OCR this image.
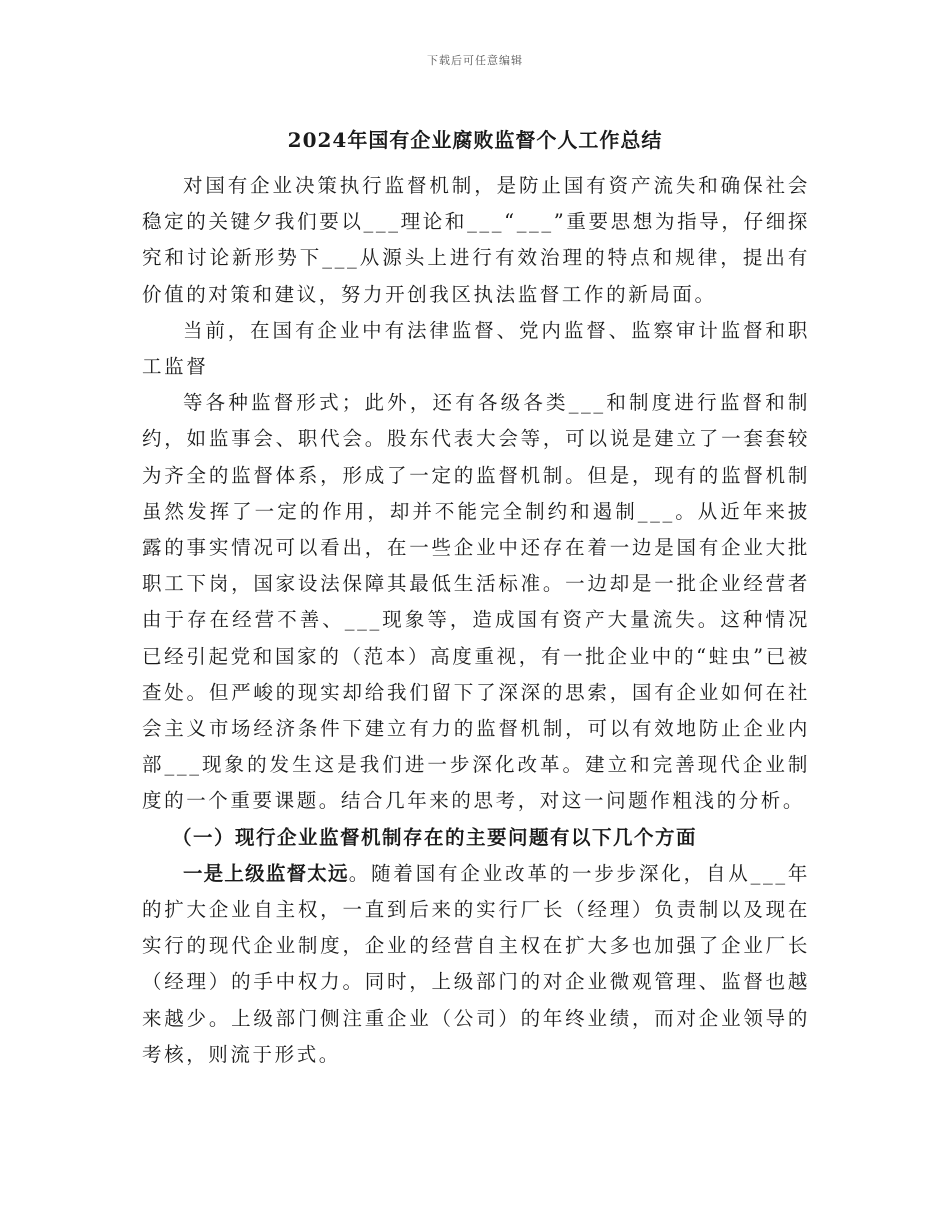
下载后可任意编辑
2024年国有企业腐败监督个人工作总结

对国有企业决策执行监督机制，是防止国有资产流失和确保社会稳定的关键夕我们要以___理论和___“___”重要思想为指导，仔细探究和讨论新形势下___从源头上进行有效治理的特点和规律，提出有价值的对策和建议，努力开创我区执法监督工作的新局面。

当前，在国有企业中有法律监督、党内监督、监察审计监督和职工监督

等各种监督形式；此外，还有各级各类___和制度进行监督和制约，如监事会、职代会。股东代表大会等，可以说是建立了一套套较为齐全的监督体系，形成了一定的监督机制。但是，现有的监督机制虽然发挥了一定的作用，却并不能完全制约和遏制___。从近年来披露的事实情况可以看出，在一些企业中还存在着一边是国有企业大批职工下岗，国家设法保障其最低生活标准。一边却是一批企业经营者由于存在经营不善、___现象等，造成国有资产大量流失。这种情况已经引起党和国家的（范本）高度重视，有一批企业中的“蛀虫”已被查处。但严峻的现实却给我们留下了深深的思索，国有企业如何在社会主义市场经济条件下建立有力的监督机制，可以有效地防止企业内部___现象的发生这是我们进一步深化改革。建立和完善现代企业制度的一个重要课题。结合几年来的思考，对这一问题作粗浅的分析。

（一）现行企业监督机制存在的主要问题有以下几个方面

一是上级监督太远。随着国有企业改革的一步步深化，自从___年的扩大企业自主权，一直到后来的实行厂长（经理）负责制以及现在实行的现代企业制度，企业的经营自主权在扩大多也加强了企业厂长（经理）的手中权力。同时，上级部门的对企业微观管理、监督也越来越少。上级部门侧注重企业（公司）的年终业绩，而对企业领导的考核，则流于形式。
